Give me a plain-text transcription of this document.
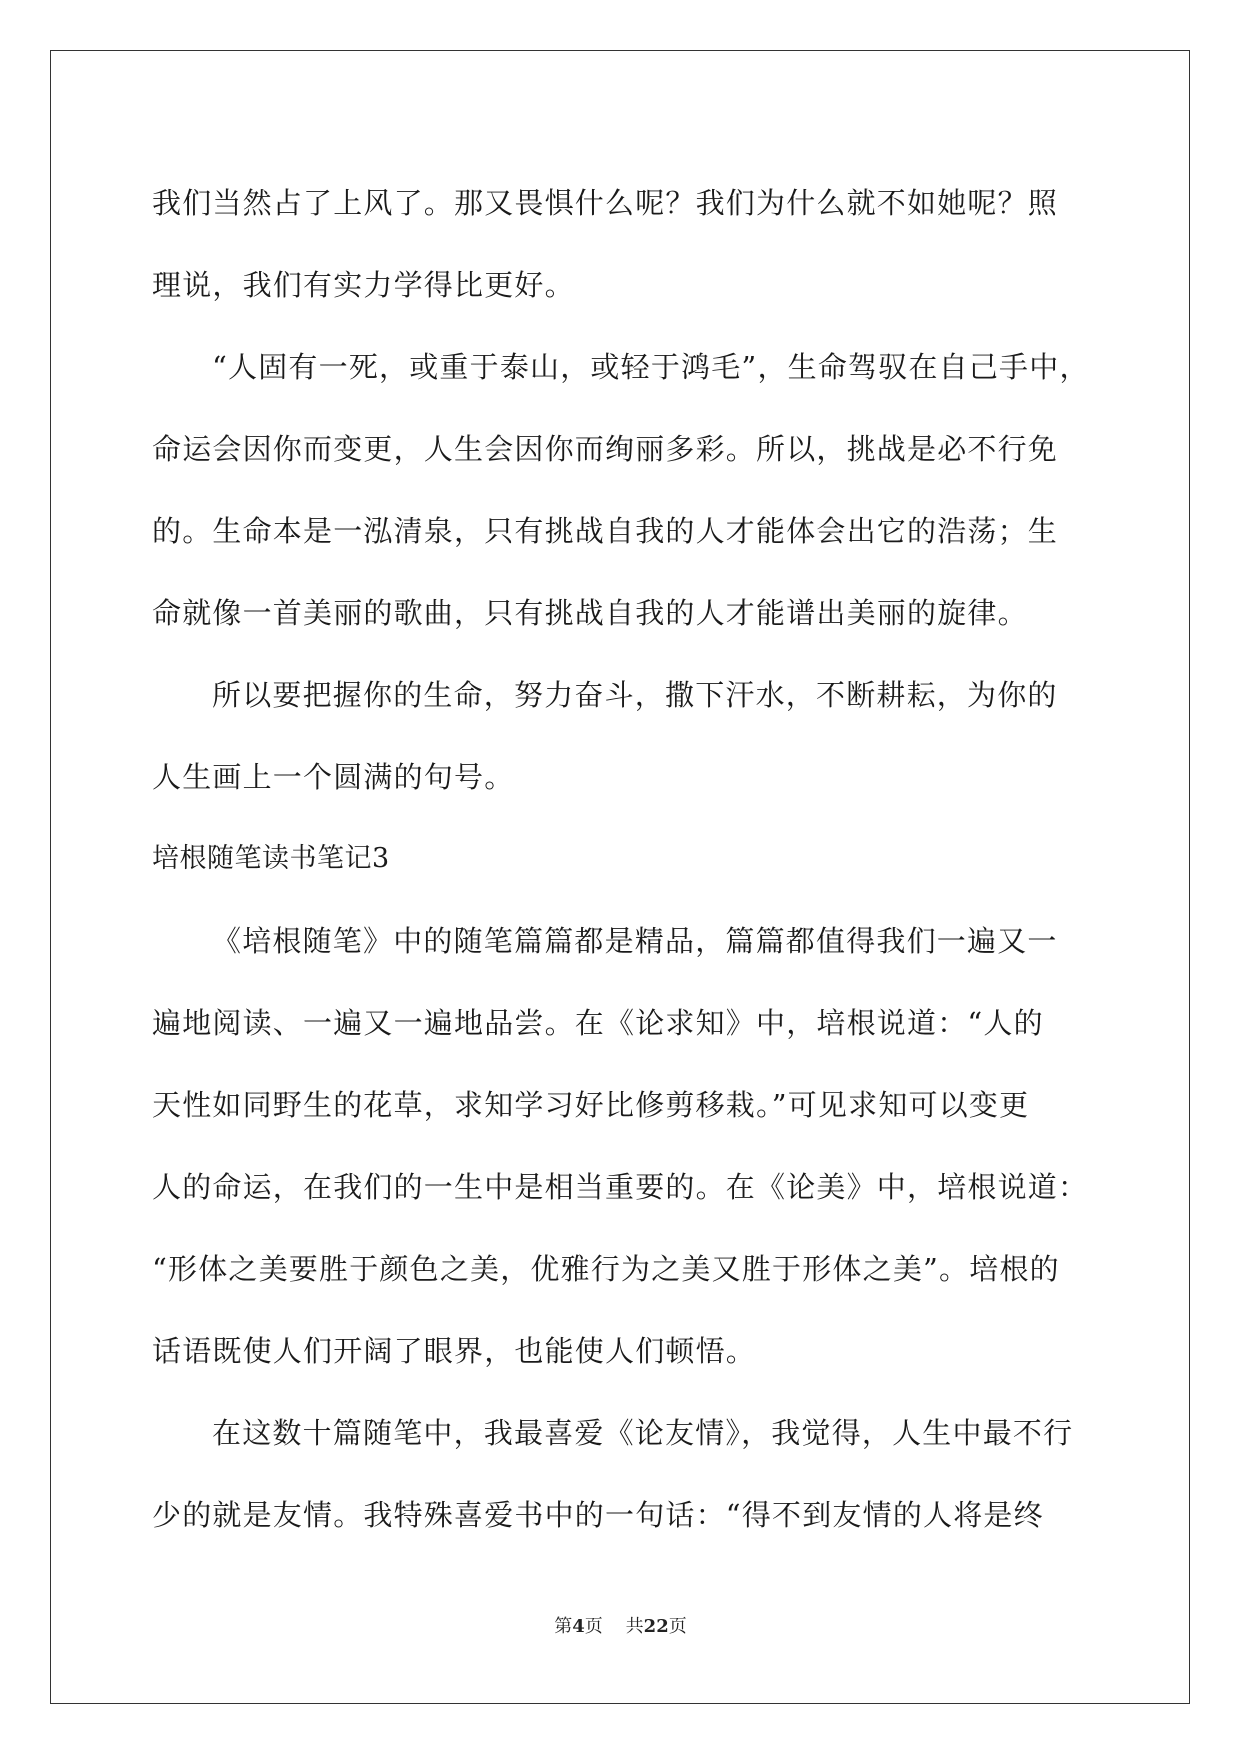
我们当然占了上风了。那又畏惧什么呢？我们为什么就不如她呢？照
理说，我们有实力学得比更好。
“人固有一死，或重于泰山，或轻于鸿毛”，生命驾驭在自己手中，
命运会因你而变更，人生会因你而绚丽多彩。所以，挑战是必不行免
的。生命本是一泓清泉，只有挑战自我的人才能体会出它的浩荡；生
命就像一首美丽的歌曲，只有挑战自我的人才能谱出美丽的旋律。
所以要把握你的生命，努力奋斗，撒下汗水，不断耕耘，为你的
人生画上一个圆满的句号。
培根随笔读书笔记3
《培根随笔》中的随笔篇篇都是精品，篇篇都值得我们一遍又一
遍地阅读、一遍又一遍地品尝。在《论求知》中，培根说道：“人的
天性如同野生的花草，求知学习好比修剪移栽。”可见求知可以变更
人的命运，在我们的一生中是相当重要的。在《论美》中，培根说道：
“形体之美要胜于颜色之美，优雅行为之美又胜于形体之美”。培根的
话语既使人们开阔了眼界，也能使人们顿悟。
在这数十篇随笔中，我最喜爱《论友情》，我觉得，人生中最不行
少的就是友情。我特殊喜爱书中的一句话：“得不到友情的人将是终
第4页 共22页
